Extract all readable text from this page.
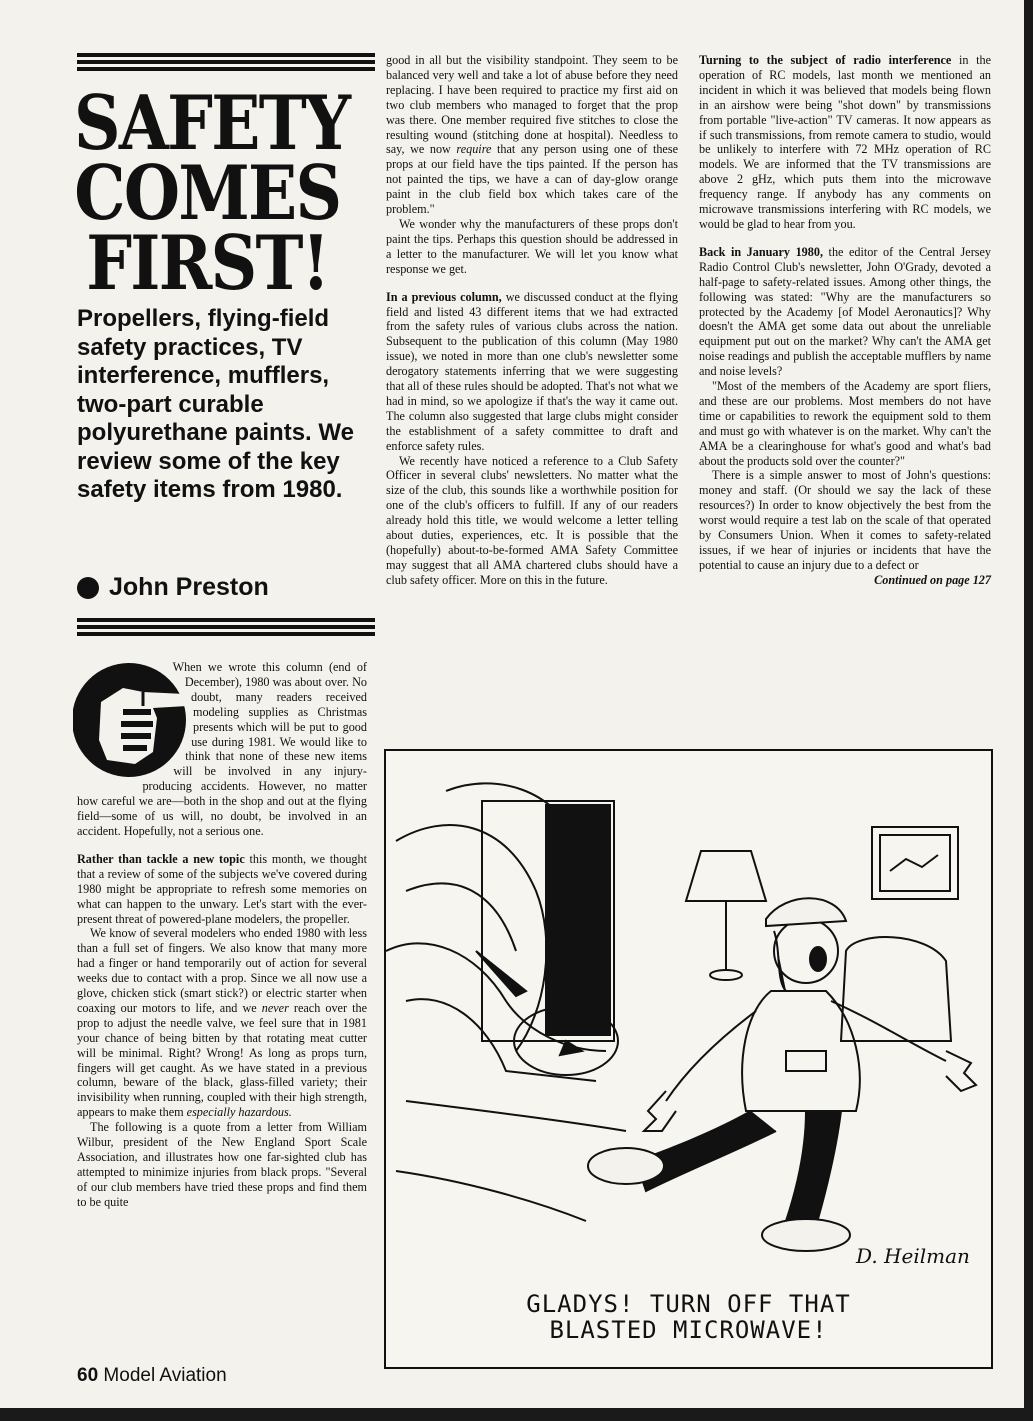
SAFETY
COMES
FIRST!
Propellers, flying-field safety practices, TV interference, mufflers, two-part curable polyurethane paints. We review some of the key safety items from 1980.
John Preston

When we wrote this column (end of December), 1980 was about over. No doubt, many readers received modeling supplies as Christmas presents which will be put to good use during 1981. We would like to think that none of these new items will be involved in any injury-producing accidents. However, no matter how careful we are—both in the shop and out at the flying field—some of us will, no doubt, be involved in an accident. Hopefully, not a serious one.

Rather than tackle a new topic this month, we thought that a review of some of the subjects we've covered during 1980 might be appropriate to refresh some memories on what can happen to the unwary. Let's start with the ever-present threat of powered-plane modelers, the propeller.

We know of several modelers who ended 1980 with less than a full set of fingers. We also know that many more had a finger or hand temporarily out of action for several weeks due to contact with a prop. Since we all now use a glove, chicken stick (smart stick?) or electric starter when coaxing our motors to life, and we never reach over the prop to adjust the needle valve, we feel sure that in 1981 your chance of being bitten by that rotating meat cutter will be minimal. Right? Wrong! As long as props turn, fingers will get caught. As we have stated in a previous column, beware of the black, glass-filled variety; their invisibility when running, coupled with their high strength, appears to make them especially hazardous.

The following is a quote from a letter from William Wilbur, president of the New England Sport Scale Association, and illustrates how one far-sighted club has attempted to minimize injuries from black props. "Several of our club members have tried these props and find them to be quite

good in all but the visibility standpoint. They seem to be balanced very well and take a lot of abuse before they need replacing. I have been required to practice my first aid on two club members who managed to forget that the prop was there. One member required five stitches to close the resulting wound (stitching done at hospital). Needless to say, we now require that any person using one of these props at our field have the tips painted. If the person has not painted the tips, we have a can of day-glow orange paint in the club field box which takes care of the problem."

We wonder why the manufacturers of these props don't paint the tips. Perhaps this question should be addressed in a letter to the manufacturer. We will let you know what response we get.

In a previous column, we discussed conduct at the flying field and listed 43 different items that we had extracted from the safety rules of various clubs across the nation. Subsequent to the publication of this column (May 1980 issue), we noted in more than one club's newsletter some derogatory statements inferring that we were suggesting that all of these rules should be adopted. That's not what we had in mind, so we apologize if that's the way it came out. The column also suggested that large clubs might consider the establishment of a safety committee to draft and enforce safety rules.

We recently have noticed a reference to a Club Safety Officer in several clubs' newsletters. No matter what the size of the club, this sounds like a worthwhile position for one of the club's officers to fulfill. If any of our readers already hold this title, we would welcome a letter telling about duties, experiences, etc. It is possible that the (hopefully) about-to-be-formed AMA Safety Committee may suggest that all AMA chartered clubs should have a club safety officer. More on this in the future.

Turning to the subject of radio interference in the operation of RC models, last month we mentioned an incident in which it was believed that models being flown in an airshow were being "shot down" by transmissions from portable "live-action" TV cameras. It now appears as if such transmissions, from remote camera to studio, would be unlikely to interfere with 72 MHz operation of RC models. We are informed that the TV transmissions are above 2 gHz, which puts them into the microwave frequency range. If anybody has any comments on microwave transmissions interfering with RC models, we would be glad to hear from you.

Back in January 1980, the editor of the Central Jersey Radio Control Club's newsletter, John O'Grady, devoted a half-page to safety-related issues. Among other things, the following was stated: "Why are the manufacturers so protected by the Academy [of Model Aeronautics]? Why doesn't the AMA get some data out about the unreliable equipment put out on the market? Why can't the AMA get noise readings and publish the acceptable mufflers by name and noise levels?

"Most of the members of the Academy are sport fliers, and these are our problems. Most members do not have time or capabilities to rework the equipment sold to them and must go with whatever is on the market. Why can't the AMA be a clearinghouse for what's good and what's bad about the products sold over the counter?"

There is a simple answer to most of John's questions: money and staff. (Or should we say the lack of these resources?) In order to know objectively the best from the worst would require a test lab on the scale of that operated by Consumers Union. When it comes to safety-related issues, if we hear of injuries or incidents that have the potential to cause an injury due to a defect or

Continued on page 127

D. Heilman
GLADYS! TURN OFF THAT
BLASTED MICROWAVE!
60 Model Aviation
